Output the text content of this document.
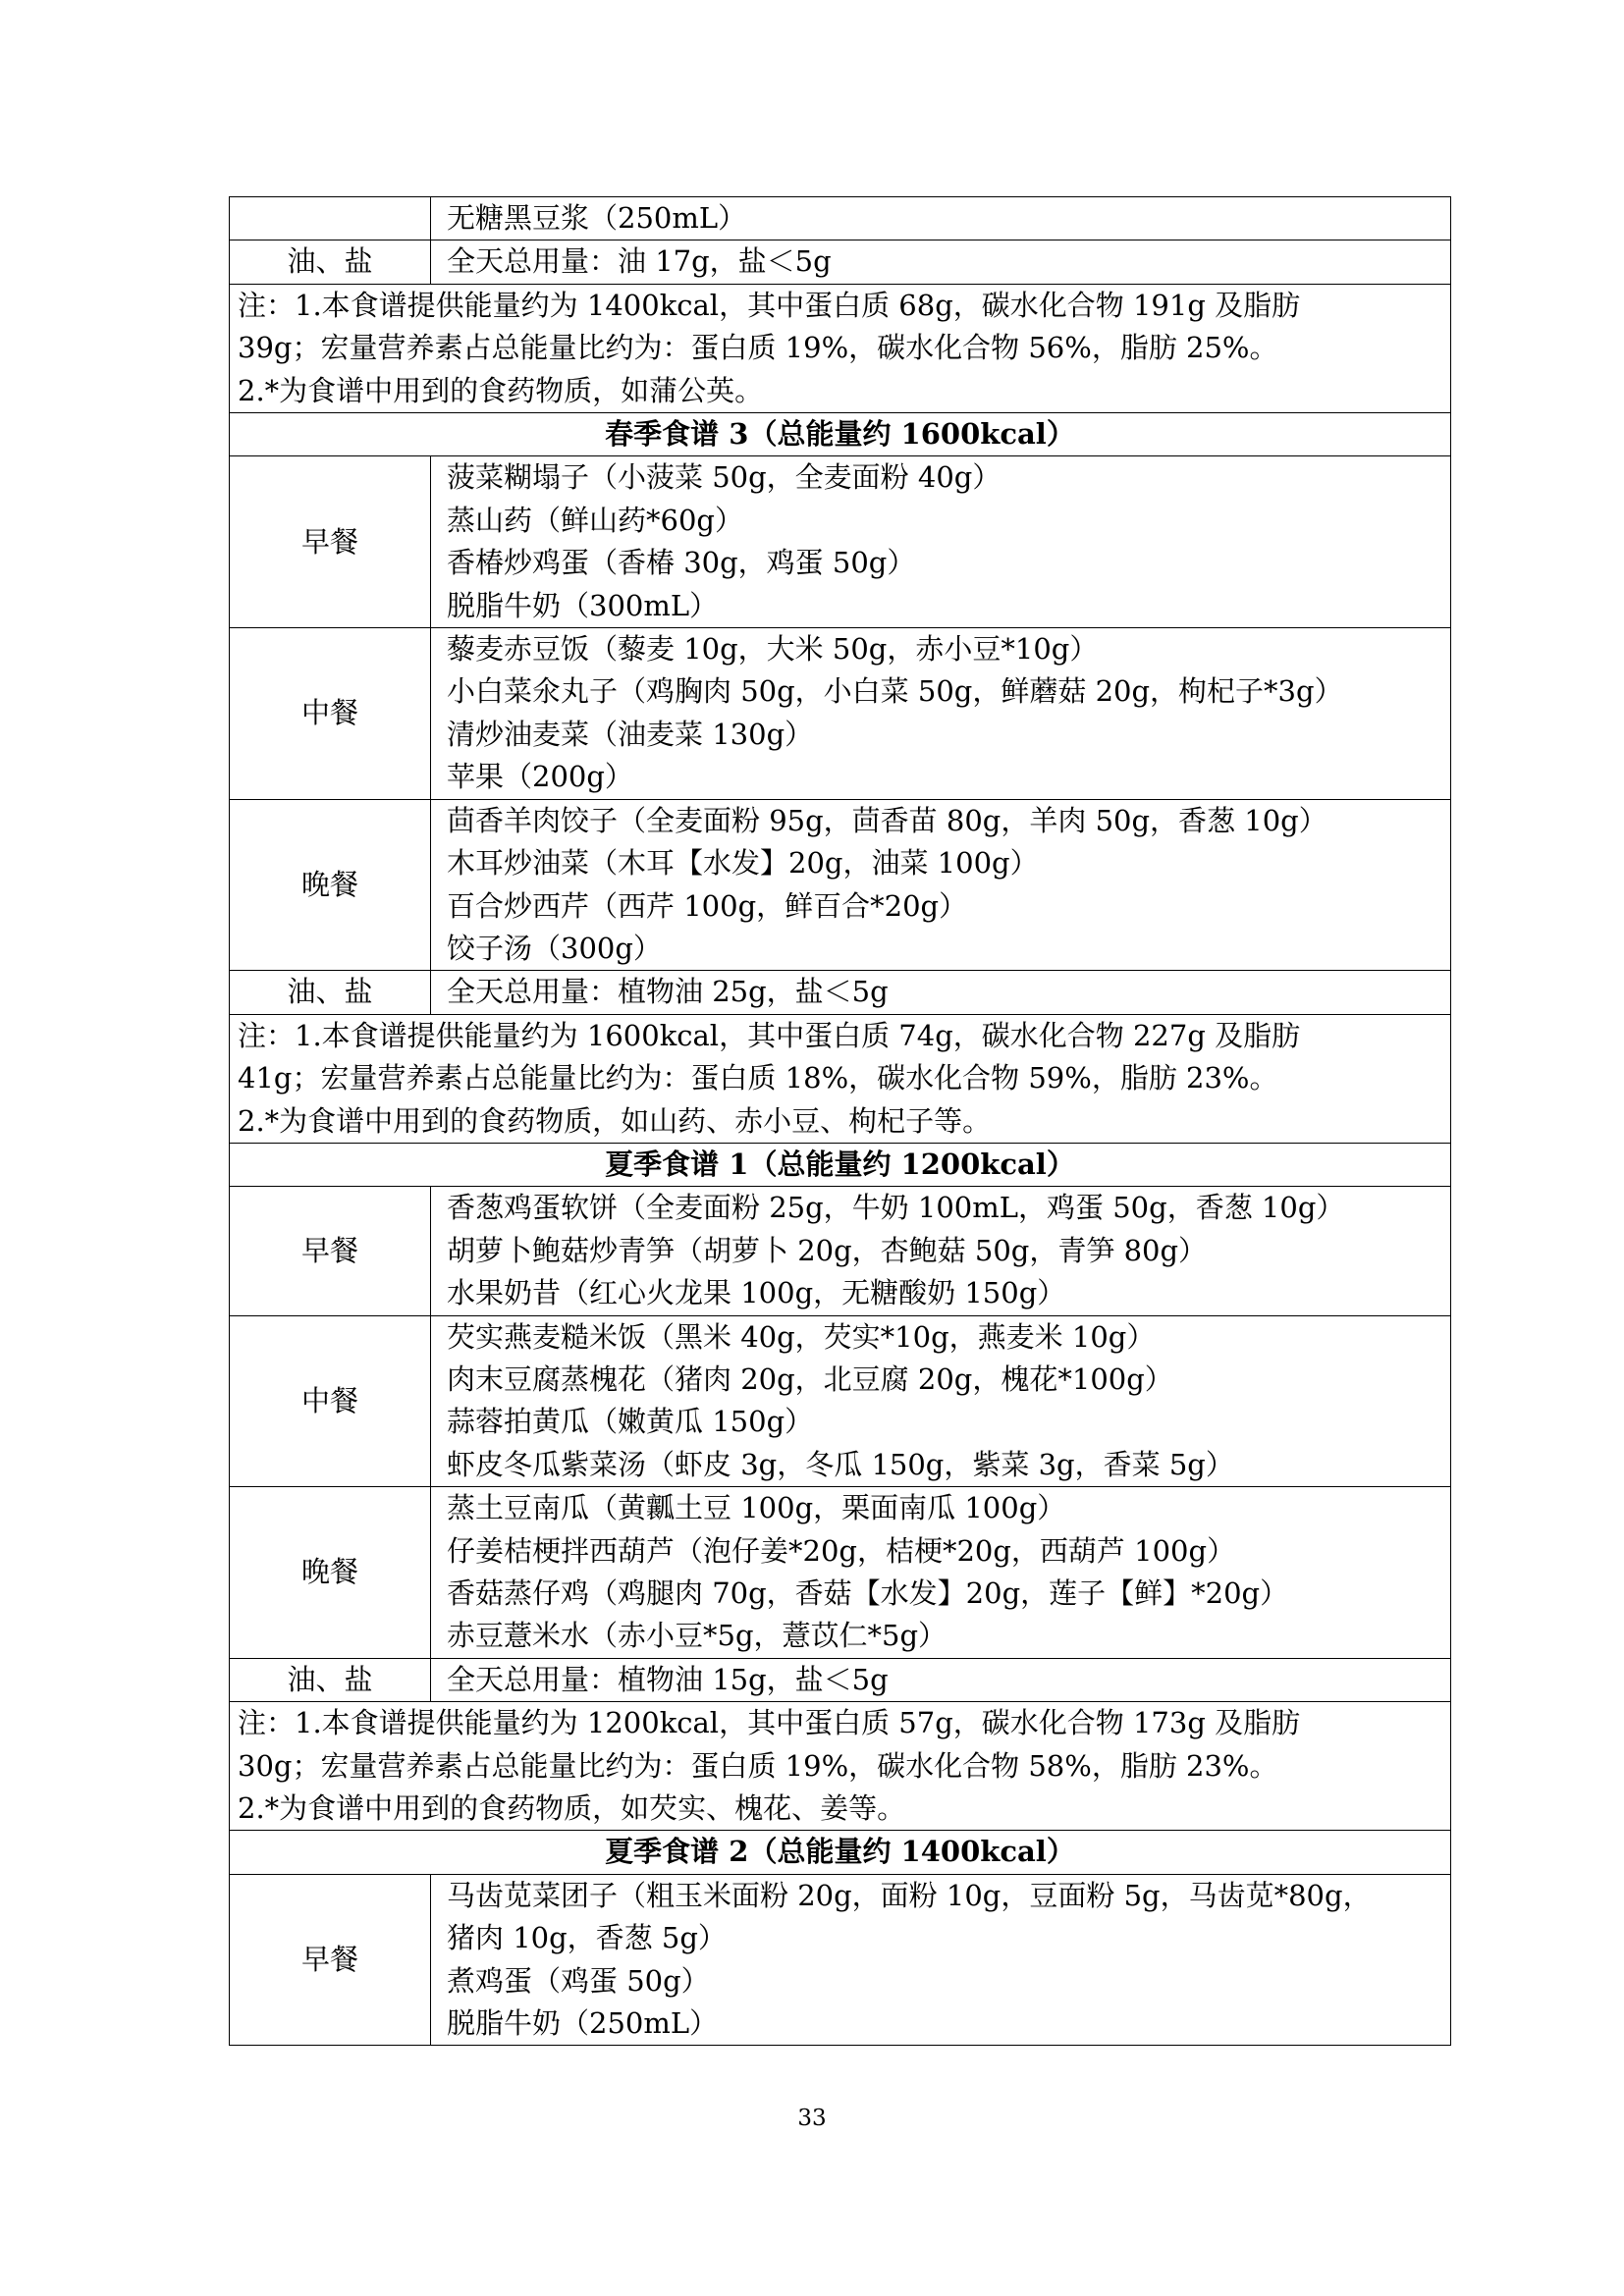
	无糖黑豆浆（250mL）

油、盐	全天总用量：油 17g，盐＜5g

注：1.本食谱提供能量约为 1400kcal，其中蛋白质 68g，碳水化合物 191g 及脂肪
39g；宏量营养素占总能量比约为：蛋白质 19%，碳水化合物 56%，脂肪 25%。
2.*为食谱中用到的食药物质，如蒲公英。	

春季食谱 3（总能量约 1600kcal）	
早餐	菠菜糊塌子（小菠菜 50g，全麦面粉 40g）
蒸山药（鲜山药*60g）
香椿炒鸡蛋（香椿 30g，鸡蛋 50g）
脱脂牛奶（300mL）

中餐	藜麦赤豆饭（藜麦 10g，大米 50g，赤小豆*10g）
小白菜氽丸子（鸡胸肉 50g，小白菜 50g，鲜蘑菇 20g，枸杞子*3g）
清炒油麦菜（油麦菜 130g）
苹果（200g）

晚餐	茴香羊肉饺子（全麦面粉 95g，茴香苗 80g，羊肉 50g，香葱 10g）
木耳炒油菜（木耳【水发】20g，油菜 100g）
百合炒西芹（西芹 100g，鲜百合*20g）
饺子汤（300g）

油、盐	全天总用量：植物油 25g，盐＜5g

注：1.本食谱提供能量约为 1600kcal，其中蛋白质 74g，碳水化合物 227g 及脂肪
41g；宏量营养素占总能量比约为：蛋白质 18%，碳水化合物 59%，脂肪 23%。
2.*为食谱中用到的食药物质，如山药、赤小豆、枸杞子等。	

夏季食谱 1（总能量约 1200kcal）	
早餐	香葱鸡蛋软饼（全麦面粉 25g，牛奶 100mL，鸡蛋 50g，香葱 10g）
胡萝卜鲍菇炒青笋（胡萝卜 20g，杏鲍菇 50g，青笋 80g）
水果奶昔（红心火龙果 100g，无糖酸奶 150g）

中餐	芡实燕麦糙米饭（黑米 40g，芡实*10g，燕麦米 10g）
肉末豆腐蒸槐花（猪肉 20g，北豆腐 20g，槐花*100g）
蒜蓉拍黄瓜（嫩黄瓜 150g）
虾皮冬瓜紫菜汤（虾皮 3g，冬瓜 150g，紫菜 3g，香菜 5g）

晚餐	蒸土豆南瓜（黄瓤土豆 100g，栗面南瓜 100g）
仔姜桔梗拌西葫芦（泡仔姜*20g，桔梗*20g，西葫芦 100g）
香菇蒸仔鸡（鸡腿肉 70g，香菇【水发】20g，莲子【鲜】*20g）
赤豆薏米水（赤小豆*5g，薏苡仁*5g）

油、盐	全天总用量：植物油 15g，盐＜5g

注：1.本食谱提供能量约为 1200kcal，其中蛋白质 57g，碳水化合物 173g 及脂肪
30g；宏量营养素占总能量比约为：蛋白质 19%，碳水化合物 58%，脂肪 23%。
2.*为食谱中用到的食药物质，如芡实、槐花、姜等。	

夏季食谱 2（总能量约 1400kcal）	
早餐	马齿苋菜团子（粗玉米面粉 20g，面粉 10g，豆面粉 5g，马齿苋*80g，
猪肉 10g，香葱 5g）
煮鸡蛋（鸡蛋 50g）
脱脂牛奶（250mL）
33
